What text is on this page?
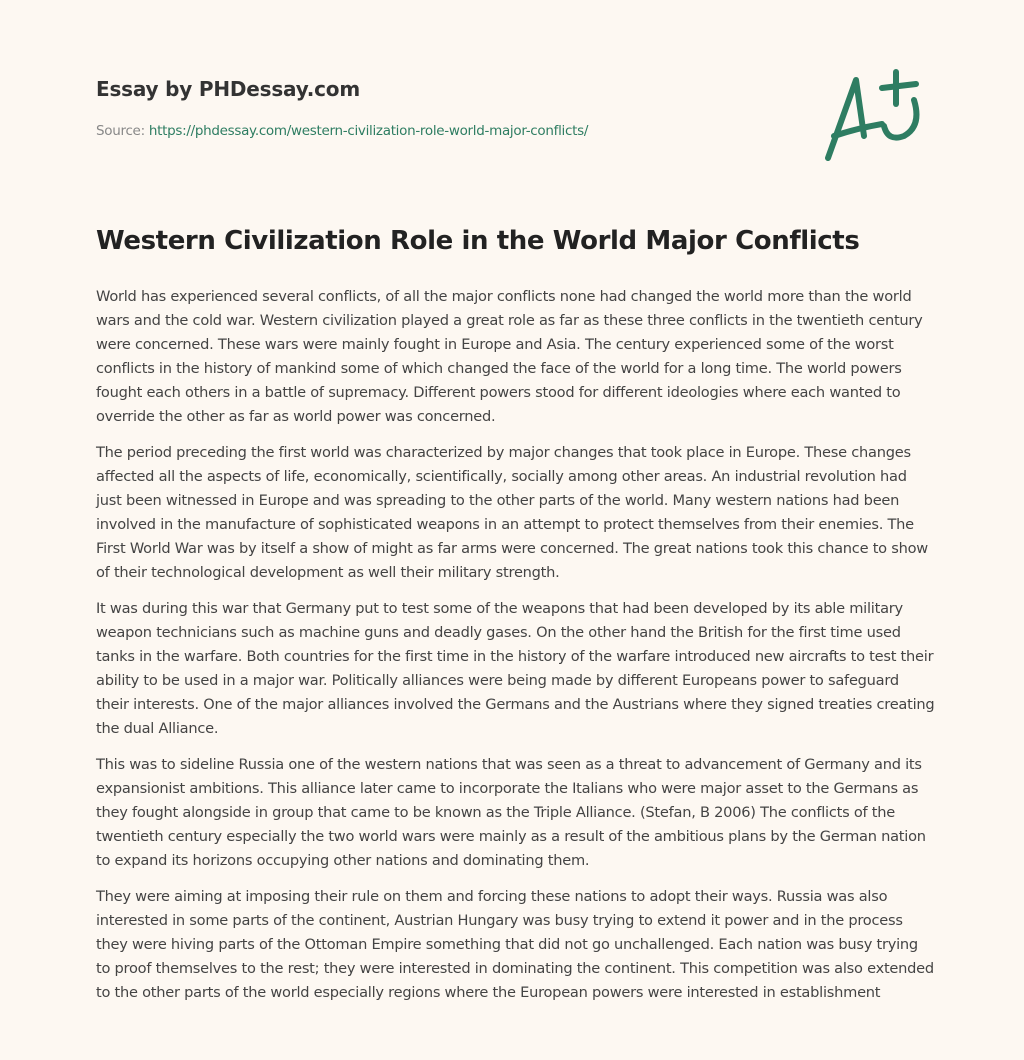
Essay by PHDessay.com
Source: https://phdessay.com/western-civilization-role-world-major-conflicts/
Western Civilization Role in the World Major Conflicts

World has experienced several conflicts, of all the major conflicts none had changed the world more than the world wars and the cold war. Western civilization played a great role as far as these three conflicts in the twentieth century were concerned. These wars were mainly fought in Europe and Asia. The century experienced some of the worst conflicts in the history of mankind some of which changed the face of the world for a long time. The world powers fought each others in a battle of supremacy. Different powers stood for different ideologies where each wanted to override the other as far as world power was concerned.

The period preceding the first world was characterized by major changes that took place in Europe. These changes affected all the aspects of life, economically, scientifically, socially among other areas. An industrial revolution had just been witnessed in Europe and was spreading to the other parts of the world. Many western nations had been involved in the manufacture of sophisticated weapons in an attempt to protect themselves from their enemies. The First World War was by itself a show of might as far arms were concerned. The great nations took this chance to show of their technological development as well their military strength.

It was during this war that Germany put to test some of the weapons that had been developed by its able military weapon technicians such as machine guns and deadly gases. On the other hand the British for the first time used tanks in the warfare. Both countries for the first time in the history of the warfare introduced new aircrafts to test their ability to be used in a major war. Politically alliances were being made by different Europeans power to safeguard their interests. One of the major alliances involved the Germans and the Austrians where they signed treaties creating the dual Alliance.

This was to sideline Russia one of the western nations that was seen as a threat to advancement of Germany and its expansionist ambitions. This alliance later came to incorporate the Italians who were major asset to the Germans as they fought alongside in group that came to be known as the Triple Alliance. (Stefan, B 2006) The conflicts of the twentieth century especially the two world wars were mainly as a result of the ambitious plans by the German nation to expand its horizons occupying other nations and dominating them.

They were aiming at imposing their rule on them and forcing these nations to adopt their ways. Russia was also interested in some parts of the continent, Austrian Hungary was busy trying to extend it power and in the process they were hiving parts of the Ottoman Empire something that did not go unchallenged. Each nation was busy trying to proof themselves to the rest; they were interested in dominating the continent. This competition was also extended to the other parts of the world especially regions where the European powers were interested in establishment
